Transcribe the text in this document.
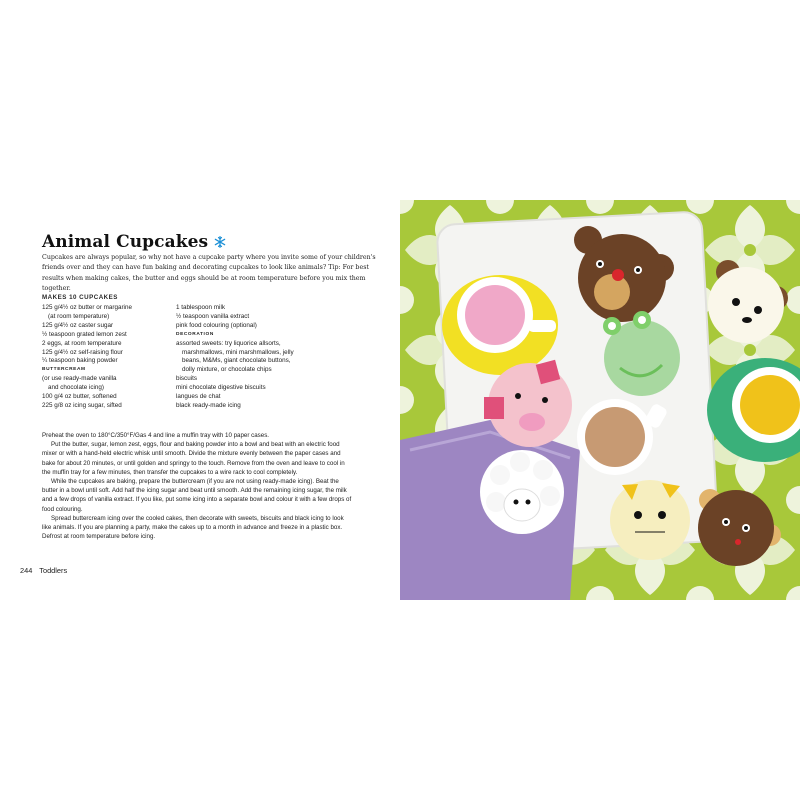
Animal Cupcakes
Cupcakes are always popular, so why not have a cupcake party where you invite some of your children's friends over and they can have fun baking and decorating cupcakes to look like animals? Tip: For best results when making cakes, the butter and eggs should be at room temperature before you mix them together.
MAKES 10 CUPCAKES
125 g/4½ oz butter or margarine
(at room temperature)
125 g/4½ oz caster sugar
½ teaspoon grated lemon zest
2 eggs, at room temperature
125 g/4½ oz self-raising flour
¼ teaspoon baking powder
BUTTERCREAM
(or use ready-made vanilla
and chocolate icing)
100 g/4 oz butter, softened
225 g/8 oz icing sugar, sifted
1 tablespoon milk
½ teaspoon vanilla extract
pink food colouring (optional)
DECORATION
assorted sweets: try liquorice allsorts,
marshmallows, mini marshmallows, jelly
beans, M&Ms, giant chocolate buttons,
dolly mixture, or chocolate chips
biscuits
mini chocolate digestive biscuits
langues de chat
black ready-made icing

Preheat the oven to 180°C/350°F/Gas 4 and line a muffin tray with 10 paper cases.

Put the butter, sugar, lemon zest, eggs, flour and baking powder into a bowl and beat with an electric food mixer or with a hand-held electric whisk until smooth. Divide the mixture evenly between the paper cases and bake for about 20 minutes, or until golden and springy to the touch. Remove from the oven and leave to cool in the muffin tray for a few minutes, then transfer the cupcakes to a wire rack to cool completely.

While the cupcakes are baking, prepare the buttercream (if you are not using ready-made icing). Beat the butter in a bowl until soft. Add half the icing sugar and beat until smooth. Add the remaining icing sugar, the milk and a few drops of vanilla extract. If you like, put some icing into a separate bowl and colour it with a few drops of food colouring.

Spread buttercream icing over the cooled cakes, then decorate with sweets, biscuits and black icing to look like animals. If you are planning a party, make the cakes up to a month in advance and freeze in a plastic box. Defrost at room temperature before icing.

244 Toddlers
